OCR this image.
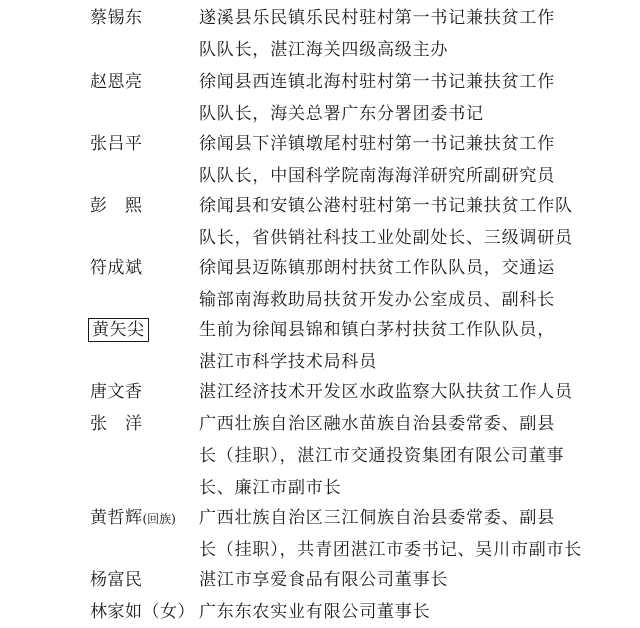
蔡锡东	遂溪县乐民镇乐民村驻村第一书记兼扶贫工作
队队长，湛江海关四级高级主办
赵恩亮	徐闻县西连镇北海村驻村第一书记兼扶贫工作
队队长，海关总署广东分署团委书记
张吕平	徐闻县下洋镇墩尾村驻村第一书记兼扶贫工作
队队长，中国科学院南海海洋研究所副研究员
彭　熙	徐闻县和安镇公港村驻村第一书记兼扶贫工作队
队长，省供销社科技工业处副处长、三级调研员
符成斌	徐闻县迈陈镇那朗村扶贫工作队队员，交通运
输部南海救助局扶贫开发办公室成员、副科长
黄矢尖	生前为徐闻县锦和镇白茅村扶贫工作队队员，
湛江市科学技术局科员
唐文香	湛江经济技术开发区水政监察大队扶贫工作人员
张　洋	广西壮族自治区融水苗族自治县委常委、副县
长（挂职），湛江市交通投资集团有限公司董事
长、廉江市副市长
黄哲辉(回族) 广西壮族自治区三江侗族自治县委常委、副县
长（挂职），共青团湛江市委书记、吴川市副市长
杨富民	湛江市享爱食品有限公司董事长
林家如（女） 广东东农实业有限公司董事长
